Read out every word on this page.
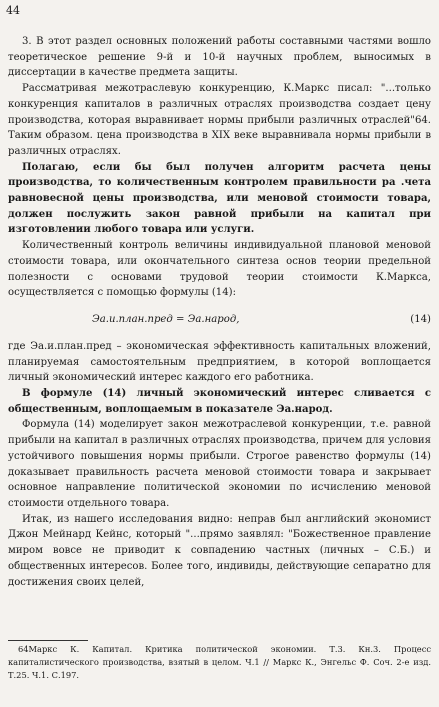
44

3. В этот раздел основных положений работы составными частями вошло теоретическое решение 9-й и 10-й научных проблем, выносимых в диссертации в качестве предмета защиты.

Рассматривая межотраслевую конкуренцию, К.Маркс писал: "...только конкуренция капиталов в различных отраслях производства создает цену производства, которая выравнивает нормы прибыли различных отраслей"64. Таким образом. цена производства в XIX веке выравнивала нормы прибыли в различных отраслях.

Полагаю, если бы был получен алгоритм расчета цены производства, то количественным контролем правильности ра .чета равновесной цены производства, или меновой стоимости товара, должен послужить закон равной прибыли на капитал при изготовлении любого товара или услуги.

Количественный контроль величины индивидуальной плановой меновой стоимости товара, или окончательного синтеза основ теории предельной полезности с основами трудовой теории стоимости К.Маркса, осуществляется с помощью формулы (14):

Эа.и.план.пред = Эа.народ,	(14)

где Эа.и.план.пред – экономическая эффективность капитальных вложений, планируемая самостоятельным предприятием, в которой воплощается личный экономический интерес каждого его работника.

В формуле (14) личный экономический интерес сливается с общественным, воплощаемым в показателе Эа.народ.

Формула (14) моделирует закон межотраслевой конкуренции, т.е. равной прибыли на капитал в различных отраслях производства, причем для условия устойчивого повышения нормы прибыли. Строгое равенство формулы (14) доказывает правильность расчета меновой стоимости товара и закрывает основное направление политической экономии по исчислению меновой стоимости отдельного товара.

Итак, из нашего исследования видно: неправ был английский экономист Джон Мейнард Кейнс, который "...прямо заявлял: "Божественное правление миром вовсе не приводит к совпадению частных (личных – С.Б.) и общественных интересов. Более того, индивиды, действующие сепаратно для достижения своих целей,

64Маркс К. Капитал. Критика политической экономии. Т.3. Кн.3. Процесс капиталистического производства, взятый в целом. Ч.1 // Маркс К., Энгельс Ф. Соч. 2-е изд. Т.25. Ч.1. С.197.
